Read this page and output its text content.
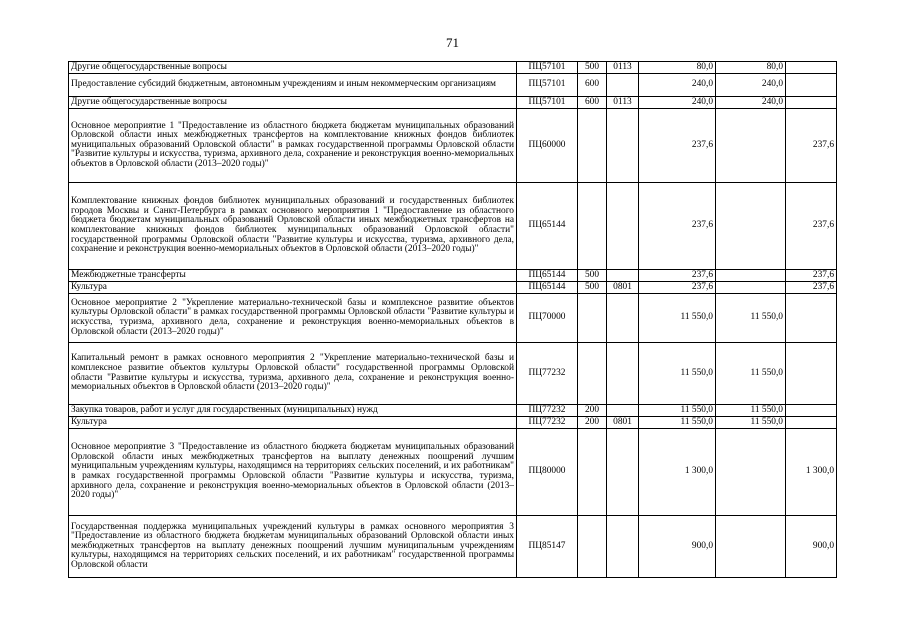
71
Другие общегосударственные вопросы	ПЦ57101	500	0113	80,0	80,0	
Предоставление субсидий бюджетным, автономным учреждениям и иным некоммерческим организациям	ПЦ57101	600		240,0	240,0	
Другие общегосударственные вопросы	ПЦ57101	600	0113	240,0	240,0	
Основное мероприятие 1 "Предоставление из областного бюджета бюджетам муниципальных образований Орловской области иных межбюджетных трансфертов на комплектование книжных фондов библиотек муниципальных образований Орловской области" в рамках государственной программы Орловской области "Развитие культуры и искусства, туризма, архивного дела, сохранение и реконструкция военно-мемориальных объектов в Орловской области (2013–2020 годы)"	ПЦ60000			237,6		237,6
Комплектование книжных фондов библиотек муниципальных образований и государственных библиотек городов Москвы и Санкт-Петербурга в рамках основного мероприятия 1 "Предоставление из областного бюджета бюджетам муниципальных образований Орловской области иных межбюджетных трансфертов на комплектование книжных фондов библиотек муниципальных образований Орловской области" государственной программы Орловской области "Развитие культуры и искусства, туризма, архивного дела, сохранение и реконструкция военно-мемориальных объектов в Орловской области (2013–2020 годы)"	ПЦ65144			237,6		237,6
Межбюджетные трансферты	ПЦ65144	500		237,6		237,6
Культура	ПЦ65144	500	0801	237,6		237,6
Основное мероприятие 2 "Укрепление материально-технической базы и комплексное развитие объектов культуры Орловской области" в рамках государственной программы Орловской области "Развитие культуры и искусства, туризма, архивного дела, сохранение и реконструкция военно-мемориальных объектов в Орловской области (2013–2020 годы)"	ПЦ70000			11 550,0	11 550,0	
Капитальный ремонт в рамках основного мероприятия 2 "Укрепление материально-технической базы и комплексное развитие объектов культуры Орловской области" государственной программы Орловской области "Развитие культуры и искусства, туризма, архивного дела, сохранение и реконструкция военно-мемориальных объектов в Орловской области (2013–2020 годы)"	ПЦ77232			11 550,0	11 550,0	
Закупка товаров, работ и услуг для государственных (муниципальных) нужд	ПЦ77232	200		11 550,0	11 550,0	
Культура	ПЦ77232	200	0801	11 550,0	11 550,0	
Основное мероприятие 3 "Предоставление из областного бюджета бюджетам муниципальных образований Орловской области иных межбюджетных трансфертов на выплату денежных поощрений лучшим муниципальным учреждениям культуры, находящимся на территориях сельских поселений, и их работникам" в рамках государственной программы Орловской области "Развитие культуры и искусства, туризма, архивного дела, сохранение и реконструкция военно-мемориальных объектов в Орловской области (2013–2020 годы)"	ПЦ80000			1 300,0		1 300,0
Государственная поддержка муниципальных учреждений культуры в рамках основного мероприятия 3 "Предоставление из областного бюджета бюджетам муниципальных образований Орловской области иных межбюджетных трансфертов на выплату денежных поощрений лучшим муниципальным учреждениям культуры, находящимся на территориях сельских поселений, и их работникам" государственной программы Орловской области	ПЦ85147			900,0		900,0
